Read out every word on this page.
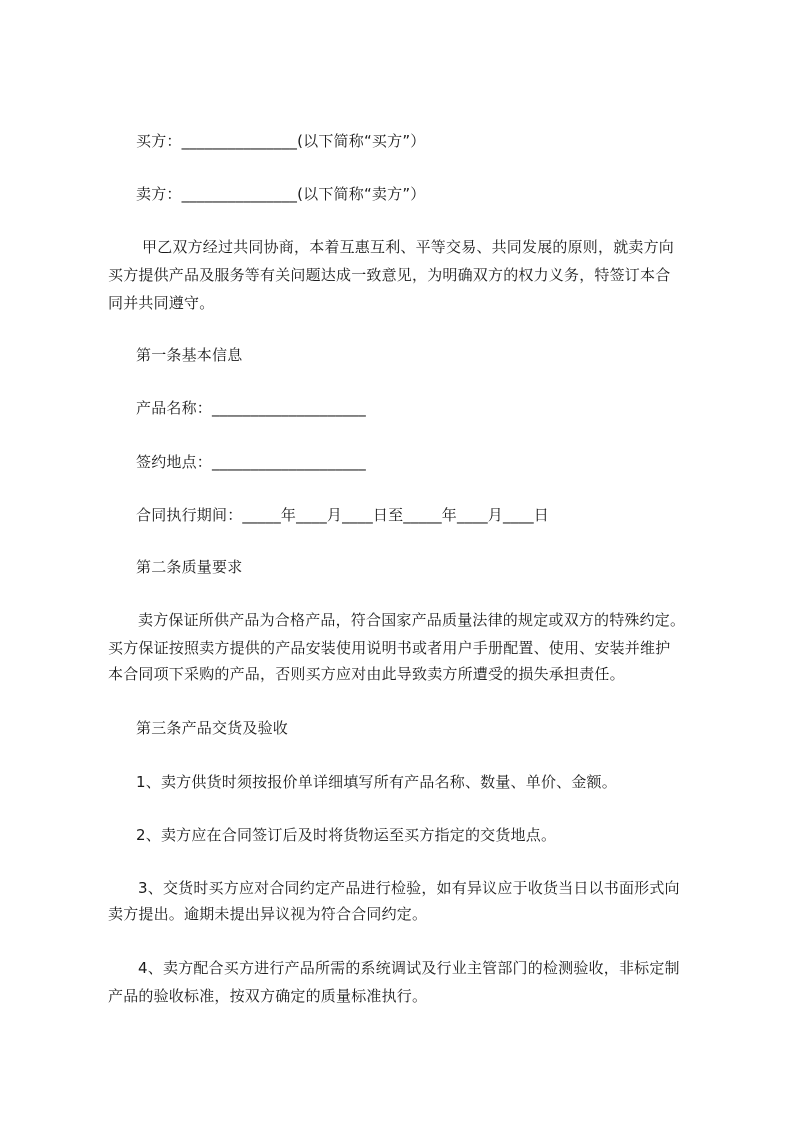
买方：_______________(以下简称“买方”）
卖方：_______________(以下简称“卖方”）
甲乙双方经过共同协商，本着互惠互利、平等交易、共同发展的原则，就卖方向
买方提供产品及服务等有关问题达成一致意见，为明确双方的权力义务，特签订本合
同并共同遵守。
第一条基本信息
产品名称：____________________
签约地点：____________________
合同执行期间：_____年____月____日至_____年____月____日
第二条质量要求
卖方保证所供产品为合格产品，符合国家产品质量法律的规定或双方的特殊约定。
买方保证按照卖方提供的产品安装使用说明书或者用户手册配置、使用、安装并维护
本合同项下采购的产品，否则买方应对由此导致卖方所遭受的损失承担责任。
第三条产品交货及验收
1、卖方供货时须按报价单详细填写所有产品名称、数量、单价、金额。
2、卖方应在合同签订后及时将货物运至买方指定的交货地点。
3、交货时买方应对合同约定产品进行检验，如有异议应于收货当日以书面形式向
卖方提出。逾期未提出异议视为符合合同约定。
4、卖方配合买方进行产品所需的系统调试及行业主管部门的检测验收，非标定制
产品的验收标准，按双方确定的质量标准执行。
